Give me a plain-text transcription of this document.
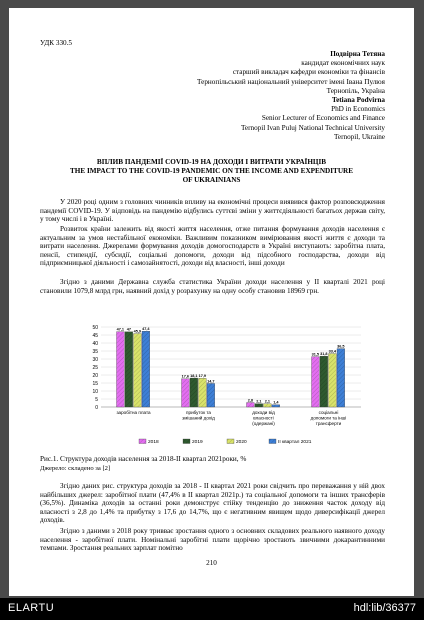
УДК 330.5
Подвірна Тетяна
кандидат економічних наук
старший викладач кафедри економіки та фінансів
Тернопільський національний університет імені Івана Пулюя
Тернопіль, Україна
Tetiana Podvirna
PhD in Economics
Senior Lecturer of Economics and Finance
Ternopil Ivan Puluj National Technical University
Ternopil, Ukraine
ВПЛИВ ПАНДЕМІЇ COVID-19 НА ДОХОДИ І ВИТРАТИ УКРАЇНЦІВ
THE IMPACT TO THE COVID-19 PANDEMIC ON THE INCOME AND EXPENDITURE
OF UKRAINIANS
У 2020 році одним з головних чинників впливу на економічні процеси виявився фактор розповсюдження пандемії COVID-19. У відповідь на пандемію відбулись суттєві зміни у життєдіяльності багатьох держав світу, у тому числі і в Україні.
Розвиток країни залежить від якості життя населення, отже питання формування доходів населення є актуальним за умов нестабільної економіки. Важливим показником вимірювання якості життя є доходи та витрати населення. Джерелами формування доходів домогосподарств в Україні виступають: заробітна плата, пенсії, стипендії, субсидії, соціальні допомоги, доходи від підсобного господарства, доходи від підприємницької діяльності і самозайнятості, доходи від власності, інші доходи
Згідно з даними Державна служба статистика України доходи населення у II кварталі 2021 році становили 1079,8 млрд грн, наявний дохід у розрахунку на одну особу становив 18969 грн.
0
5
10
15
20
25
30
35
40
45
50	47,1 47 45,9
47,4
заробітна плата
17,6 18,1 17,9
14,7
прибуток та
змішаний дохід
2,8 2,1 2,1 1,4
доходи від
власності
(одержані)
31,5 31,8
33,4
36,5
соціальні
допомоги та інші
трансферти
2018	2019	2020	II квартал 2021
Рис.1. Структура доходів населення за 2018-II квартал 2021роки, %
Джерело: складено за [2]
Згідно даних рис. структура доходів за 2018 - II квартал 2021 роки свідчить про переважання у ній двох найбільших джерел: заробітної плати (47,4% в II квартал 2021р.) та соціальної допомоги та інших трансферів (36,5%). Динаміка доходів за останні роки демонструє стійку тенденцію до зниження часток доходу від власності з 2,8 до 1,4% та прибутку з 17,6 до 14,7%, що є негативним явищем щодо диверсифікації джерел доходів.
Згідно з даними з 2018 року тривває зростання одного з основних складових реального наявного доходу населення - заробітної плати. Номінальні заробітні плати щорічно зростають звичними докарантинними темпами. Зростання реальних зарплат помітно
210
ELARTU	hdl:lib/36377
